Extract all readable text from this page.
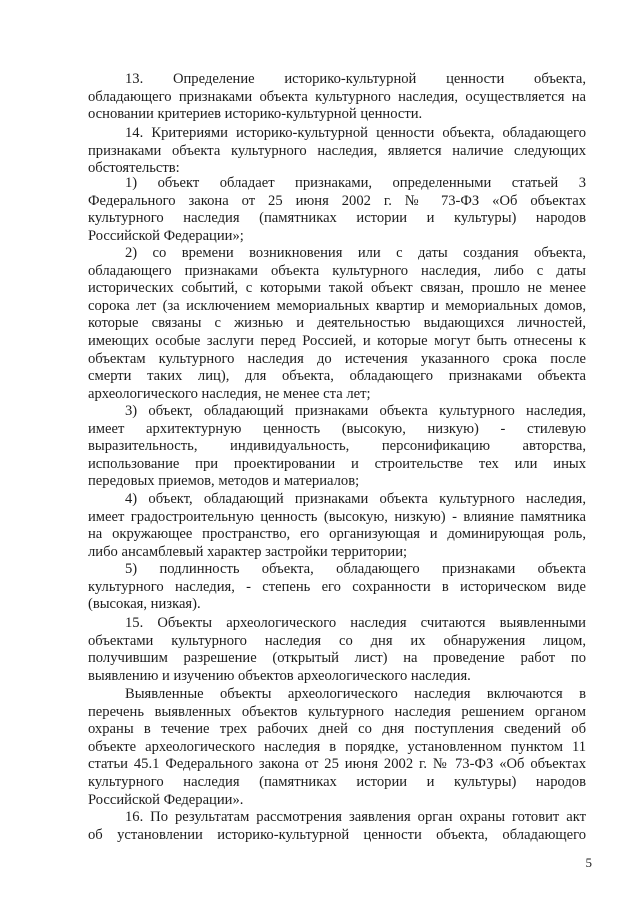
13. Определение историко-культурной ценности объекта,
обладающего признаками объекта культурного наследия, осуществляется на
основании критериев историко-культурной ценности.
14. Критериями историко-культурной ценности объекта, обладающего
признаками объекта культурного наследия, является наличие следующих
обстоятельств:
1) объект обладает признаками, определенными статьей 3
Федерального закона от 25 июня 2002 г. № 73-ФЗ «Об объектах
культурного наследия (памятниках истории и культуры) народов
Российской Федерации»;
2) со времени возникновения или с даты создания объекта,
обладающего признаками объекта культурного наследия, либо с даты
исторических событий, с которыми такой объект связан, прошло не менее
сорока лет (за исключением мемориальных квартир и мемориальных домов,
которые связаны с жизнью и деятельностью выдающихся личностей,
имеющих особые заслуги перед Россией, и которые могут быть отнесены к
объектам культурного наследия до истечения указанного срока после
смерти таких лиц), для объекта, обладающего признаками объекта
археологического наследия, не менее ста лет;
3) объект, обладающий признаками объекта культурного наследия,
имеет архитектурную ценность (высокую, низкую) - стилевую
выразительность, индивидуальность, персонификацию авторства,
использование при проектировании и строительстве тех или иных
передовых приемов, методов и материалов;
4) объект, обладающий признаками объекта культурного наследия,
имеет градостроительную ценность (высокую, низкую) - влияние памятника
на окружающее пространство, его организующая и доминирующая роль,
либо ансамблевый характер застройки территории;
5) подлинность объекта, обладающего признаками объекта
культурного наследия, - степень его сохранности в историческом виде
(высокая, низкая).
15. Объекты археологического наследия считаются выявленными
объектами культурного наследия со дня их обнаружения лицом,
получившим разрешение (открытый лист) на проведение работ по
выявлению и изучению объектов археологического наследия.
Выявленные объекты археологического наследия включаются в
перечень выявленных объектов культурного наследия решением органом
охраны в течение трех рабочих дней со дня поступления сведений об
объекте археологического наследия в порядке, установленном пунктом 11
статьи 45.1 Федерального закона от 25 июня 2002 г. № 73-ФЗ «Об объектах
культурного наследия (памятниках истории и культуры) народов
Российской Федерации».
16. По результатам рассмотрения заявления орган охраны готовит акт
об установлении историко-культурной ценности объекта, обладающего
5
